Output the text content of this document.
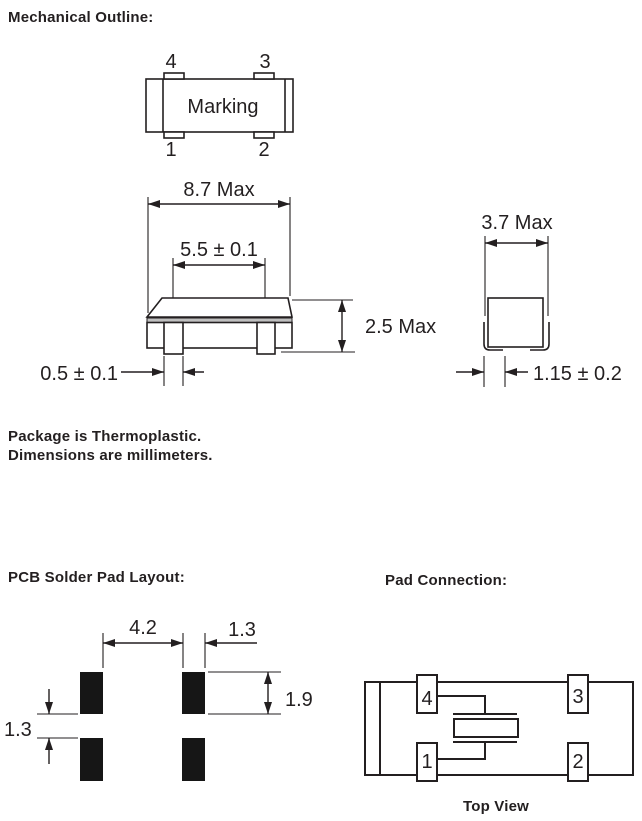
Mechanical Outline:
Package is Thermoplastic.
Dimensions are millimeters.
PCB Solder Pad Layout:	Pad Connection:
Top View
4	3
1	2
Marking
8.7 Max
5.5 ± 0.1
2.5 Max
0.5 ± 0.1
3.7 Max
1.15 ± 0.2
4.2	1.3
1.9
1.3
4	3
1	2
